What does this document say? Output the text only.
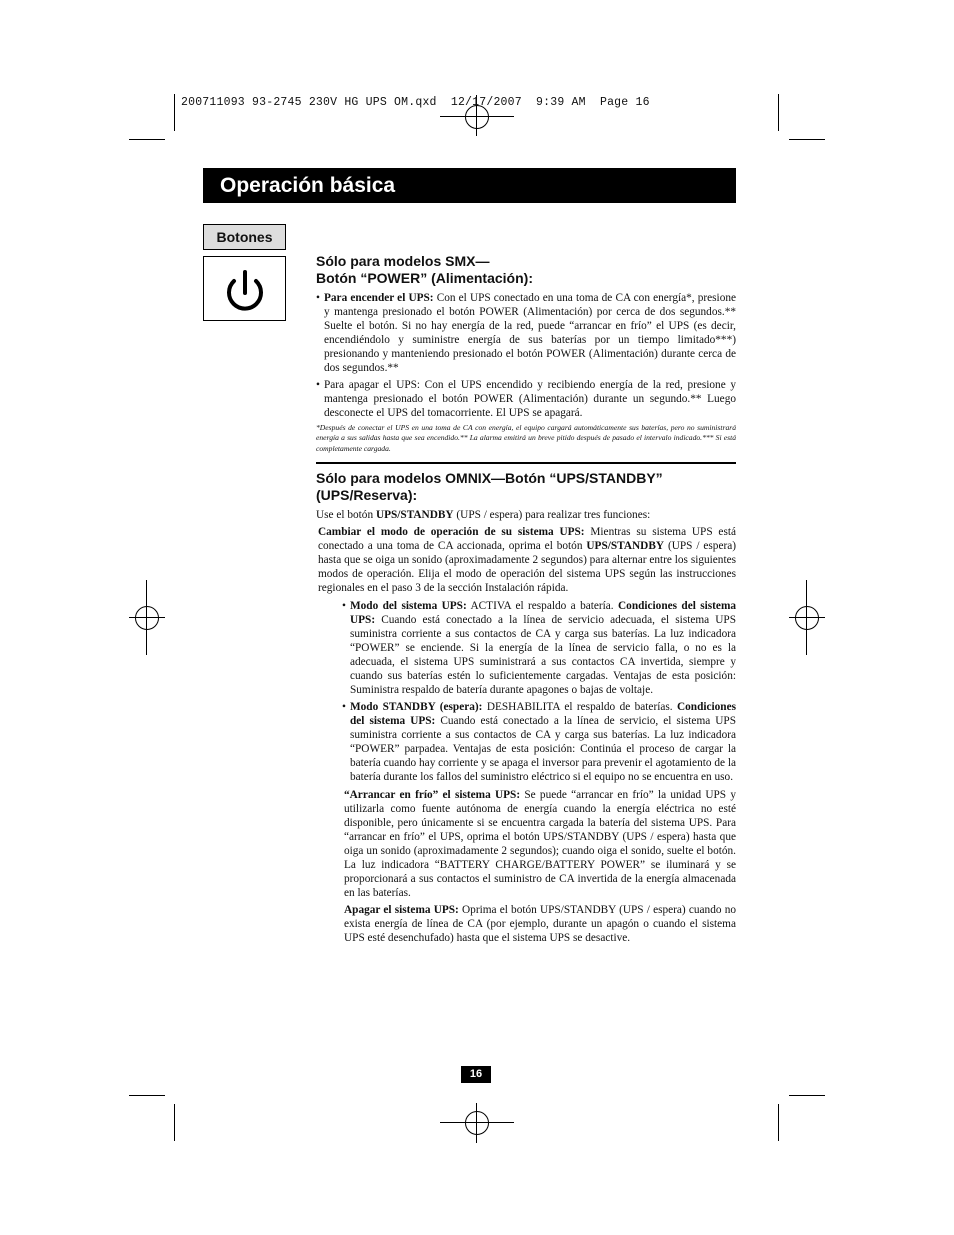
200711093 93-2745 230V HG UPS OM.qxd  12/17/2007  9:39 AM  Page 16
Operación básica
Botones
Sólo para modelos SMX—
Botón “POWER” (Alimentación):
• Para encender el UPS: Con el UPS conectado en una toma de CA con energía*, presione y mantenga presionado el botón POWER (Alimentación) por cerca de dos segundos.** Suelte el botón. Si no hay energía de la red, puede “arrancar en frío” el UPS (es decir, encendiéndolo y suministre energía de sus baterías por un tiempo limitado***) presionando y manteniendo presionado el botón POWER (Alimentación) durante cerca de dos segundos.**
• Para apagar el UPS: Con el UPS encendido y recibiendo energía de la red, presione y mantenga presionado el botón POWER (Alimentación) durante un segundo.** Luego desconecte el UPS del tomacorriente. El UPS se apagará.
*Después de conectar el UPS en una toma de CA con energía, el equipo cargará automáticamente sus baterías, pero no suministrará energía a sus salidas hasta que sea encendido.** La alarma emitirá un breve pitido después de pasado el intervalo indicado.*** Si está completamente cargada.
Sólo para modelos OMNIX—Botón “UPS/STANDBY”
(UPS/Reserva):

Use el botón UPS/STANDBY (UPS / espera) para realizar tres funciones:

Cambiar el modo de operación de su sistema UPS: Mientras su sistema UPS está conectado a una toma de CA accionada, oprima el botón UPS/STANDBY (UPS / espera) hasta que se oiga un sonido (aproximadamente 2 segundos) para alternar entre los siguientes modos de operación. Elija el modo de operación del sistema UPS según las instrucciones regionales en el paso 3 de la sección Instalación rápida.

• Modo del sistema UPS: ACTIVA el respaldo a batería. Condiciones del sistema UPS: Cuando está conectado a la línea de servicio adecuada, el sistema UPS suministra corriente a sus contactos de CA y carga sus baterías. La luz indicadora “POWER” se enciende. Si la energía de la línea de servicio falla, o no es la adecuada, el sistema UPS suministrará a sus contactos CA invertida, siempre y cuando sus baterías estén lo suficientemente cargadas. Ventajas de esta posición: Suministra respaldo de batería durante apagones o bajas de voltaje.
• Modo STANDBY (espera): DESHABILITA el respaldo de baterías. Condiciones del sistema UPS: Cuando está conectado a la línea de servicio, el sistema UPS suministra corriente a sus contactos de CA y carga sus baterías. La luz indicadora “POWER” parpadea. Ventajas de esta posición: Continúa el proceso de cargar la batería cuando hay corriente y se apaga el inversor para prevenir el agotamiento de la batería durante los fallos del suministro eléctrico si el equipo no se encuentra en uso.

“Arrancar en frío” el sistema UPS: Se puede “arrancar en frío” la unidad UPS y utilizarla como fuente autónoma de energía cuando la energía eléctrica no esté disponible, pero únicamente si se encuentra cargada la batería del sistema UPS. Para “arrancar en frío” el UPS, oprima el botón UPS/STANDBY (UPS / espera) hasta que oiga un sonido (aproximadamente 2 segundos); cuando oiga el sonido, suelte el botón. La luz indicadora “BATTERY CHARGE/BATTERY POWER” se iluminará y se proporcionará a sus contactos el suministro de CA invertida de la energía almacenada en las baterías.

Apagar el sistema UPS: Oprima el botón UPS/STANDBY (UPS / espera) cuando no exista energía de línea de CA (por ejemplo, durante un apagón o cuando el sistema UPS esté desenchufado) hasta que el sistema UPS se desactive.

16
